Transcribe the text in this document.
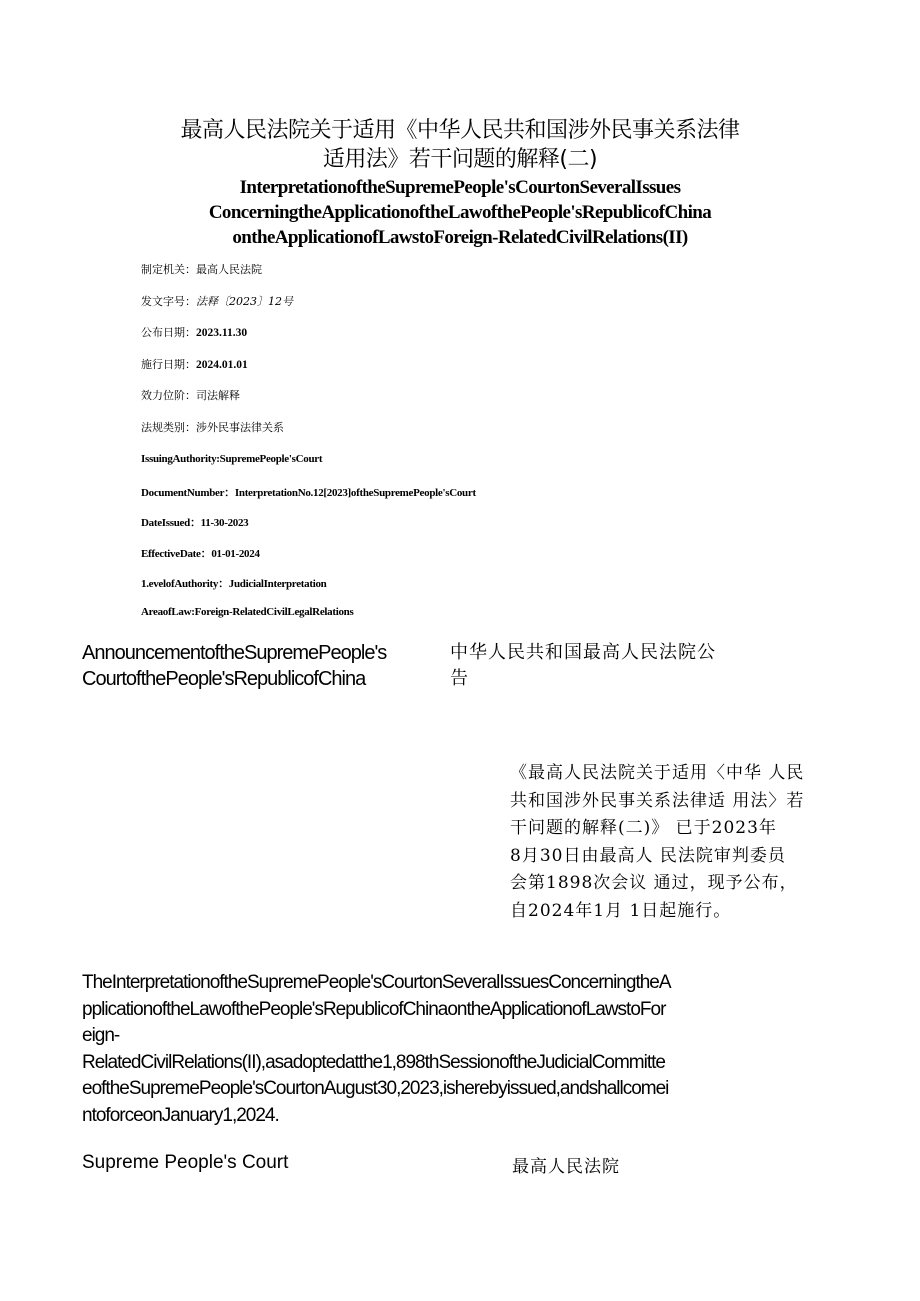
最高人民法院关于适用《中华人民共和国涉外民事关系法律
适用法》若干问题的解释(二)
InterpretationoftheSupremePeople'sCourtonSeveralIssues
ConcerningtheApplicationoftheLawofthePeople'sRepublicofChina
ontheApplicationofLawstoForeign-RelatedCivilRelations(II)
制定机关：最高人民法院
发文字号：法释〔2023〕12号
公布日期：2023.11.30
施行日期：2024.01.01
效力位阶：司法解释
法规类别：涉外民事法律关系
IssuingAuthority:SupremePeople'sCourt
DocumentNumber：InterpretationNo.12[2023]oftheSupremePeople'sCourt
DateIssued：11-30-2023
EffectiveDate：01-01-2024
1.evelofAuthority：JudicialInterpretation
AreaofLaw:Foreign-RelatedCivilLegalRelations
AnnouncementoftheSupremePeople's
CourtofthePeople'sRepublicofChina
中华人民共和国最高人民法院公
告
《最高人民法院关于适用〈中华 人民
共和国涉外民事关系法律适 用法〉若
干问题的解释(二)》 已于2023年
8月30日由最高人 民法院审判委员
会第1898次会议 通过，现予公布，
自2024年1月 1日起施行。
TheInterpretationoftheSupremePeople'sCourtonSeveralIssuesConcerningtheA
pplicationoftheLawofthePeople'sRepublicofChinaontheApplicationofLawstoFor
eign-
RelatedCivilRelations(II),asadoptedatthe1,898thSessionoftheJudicialCommitte
eoftheSupremePeople'sCourtonAugust30,2023,isherebyissued,andshallcomei
ntoforceonJanuary1,2024.
Supreme People's Court	最高人民法院
